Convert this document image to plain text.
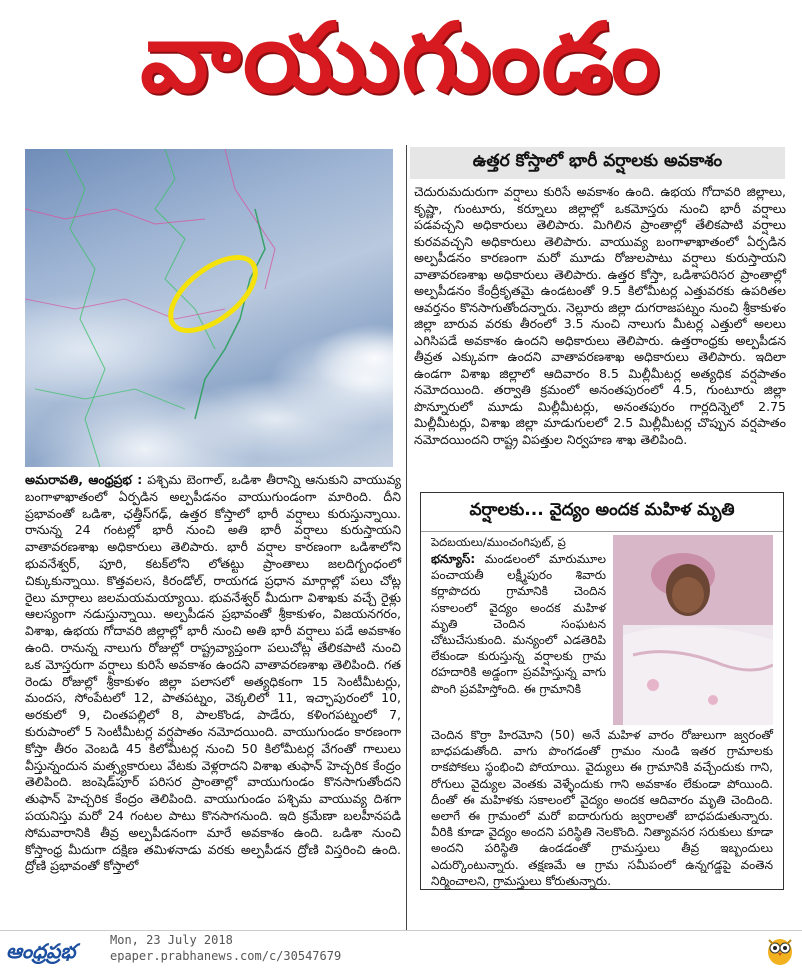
వాయుగుండం
ఉత్తర కోస్తాలో భారీ వర్షాలకు అవకాశం
చెదురుమదురుగా వర్షాలు కురిసే అవకాశం ఉంది. ఉభయ గోదావరి జిల్లాలు, కృష్ణా, గుంటూరు, కర్నూలు జిల్లాల్లో ఒకమోస్తరు నుంచి భారీ వర్షాలు పడవచ్చని అధికారులు తెలిపారు. మిగిలిన ప్రాంతాల్లో తేలికపాటి వర్షాలు కురవవచ్చని అధికారులు తెలిపారు. వాయువ్య బంగాళాఖాతంలో ఏర్పడిన అల్పపీడనం కారణంగా మరో మూడు రోజులపాటు వర్షాలు కురుస్తాయని వాతావరణశాఖ అధికారులు తెలిపారు. ఉత్తర కోస్తా, ఒడిశాపరిసర ప్రాంతాల్లో అల్పపీడనం కేంద్రీకృతమై ఉండటంతో 9.5 కిలోమీటర్ల ఎత్తువరకు ఉపరితల ఆవర్తనం కొనసాగుతోందన్నారు. నెల్లూరు జిల్లా దుగరాజపట్నం నుంచి శ్రీకాకుళం జిల్లా బారువ వరకు తీరంలో 3.5 నుంచి నాలుగు మీటర్ల ఎత్తులో అలలు ఎగిసిపడే అవకాశం ఉందని అధికారులు తెలిపారు. ఉత్తరాంధ్రకు అల్పపీడన తీవ్రత ఎక్కువగా ఉందని వాతావరణశాఖ అధికారులు తెలిపారు. ఇదిలా ఉండగా విశాఖ జిల్లాలో ఆదివారం 8.5 మిల్లీమీటర్ల అత్యధిక వర్షపాతం నమోదయింది. తర్వాతి క్రమంలో అనంతపురంలో 4.5, గుంటూరు జిల్లా పొన్నూరులో మూడు మిల్లీమీటర్లు, అనంతపురం గార్లదిన్నెలో 2.75 మిల్లీమీటర్లు, విశాఖ జిల్లా మాడుగులలో 2.5 మిల్లీమీటర్ల చొప్పున వర్షపాతం నమోదయిందని రాష్ట్ర విపత్తుల నిర్వహణ శాఖ తెలిపింది.
అమరావతి, ఆంధ్రప్రభ : పశ్చిమ బెంగాల్, ఒడిశా తీరాన్ని ఆనుకుని వాయువ్య బంగాళాఖాతంలో ఏర్పడిన అల్పపీడనం వాయుగుండంగా మారింది. దీని ప్రభావంతో ఒడిశా, ఛత్తీస్‌గఢ్, ఉత్తర కోస్తాలో భారీ వర్షాలు కురుస్తున్నాయి. రానున్న 24 గంటల్లో భారీ నుంచి అతి భారీ వర్షాలు కురుస్తాయని వాతావరణశాఖ అధికారులు తెలిపారు. భారీ వర్షాల కారణంగా ఒడిశాలోని భువనేశ్వర్, పూరి, కటక్‌లోని లోతట్టు ప్రాంతాలు జలదిగ్బంధంలో చిక్కుకున్నాయి. కొత్తవలస, కిరండోల్, రాయగడ ప్రధాన మార్గాల్లో పలు చోట్ల రైలు మార్గాలు జలమయమయ్యాయి. భువనేశ్వర్ మీదుగా విశాఖకు వచ్చే రైళ్లు ఆలస్యంగా నడుస్తున్నాయి. అల్పపీడన ప్రభావంతో శ్రీకాకుళం, విజయనగరం, విశాఖ, ఉభయ గోదావరి జిల్లాల్లో భారీ నుంచి అతి భారీ వర్షాలు పడే అవకాశం ఉంది. రానున్న నాలుగు రోజుల్లో రాష్ట్రవ్యాప్తంగా పలుచోట్ల తేలికపాటి నుంచి ఒక మోస్తరుగా వర్షాలు కురిసే అవకాశం ఉందని వాతావరణశాఖ తెలిపింది. గత రెండు రోజుల్లో శ్రీకాకుళం జిల్లా పలాసలో అత్యధికంగా 15 సెంటీమీటర్లు, మందస, సోంపేటలో 12, పాతపట్నం, వెక్కలిలో 11, ఇచ్ఛాపురంలో 10, అరకులో 9, చింతపల్లిలో 8, పాలకొండ, పాడేరు, కళింగపట్నంలో 7, కురుపాంలో 5 సెంటీమీటర్ల వర్షపాతం నమోదయింది. వాయుగుండం కారణంగా కోస్తా తీరం వెంబడి 45 కిలోమీటర్ల నుంచి 50 కిలోమీటర్ల వేగంతో గాలులు వీస్తున్నందున మత్స్యకారులు వేటకు వెళ్లరాదని విశాఖ తుఫాన్ హెచ్చరిక కేంద్రం తెలిపింది. జంషెడ్‌పూర్ పరిసర ప్రాంతాల్లో వాయుగుండం కొనసాగుతోందని తుఫాన్ హెచ్చరిక కేంద్రం తెలిపింది. వాయుగుండం పశ్చిమ వాయువ్య దిశగా పయనిస్తు మరో 24 గంటల పాటు కొనసాగనుంది. ఇది క్రమేణా బలహీనపడి సోమవారానికి తీవ్ర అల్పపీడనంగా మారే అవకాశం ఉంది. ఒడిశా నుంచి కోస్తాంధ్ర మీదుగా దక్షిణ తమిళనాడు వరకు అల్పపీడన ద్రోణి విస్తరించి ఉంది. ద్రోణి ప్రభావంతో కోస్తాలో
వర్షాలకు... వైద్యం అందక మహిళ మృతి
పెదబయలు/ముంచంగిపుట్, ప్ర
భన్యూస్: మండలంలో మారుమూల పంచాయతీ లక్ష్మీపురం శివారు కర్లాపొదరు గ్రామానికి చెందిన సకాలంలో వైద్యం అందక మహిళ మృతి చెందిన సంఘటన చోటుచేసుకుంది. మన్యంలో ఎడతెరిపి లేకుండా కురుస్తున్న వర్షాలకు గ్రామ రహదారికి అడ్డంగా ప్రవహిస్తున్న వాగు పొంగి ప్రవహిస్తోంది. ఈ గ్రామానికి
చెందిన కొర్రా హిరమోని (50) అనే మహిళ వారం రోజులుగా జ్వరంతో బాధపడుతోంది. వాగు పొంగడంతో గ్రామం నుండి ఇతర గ్రామాలకు రాకపోకలు స్థంభించి పోయాయి. వైద్యులు ఈ గ్రామానికి వచ్చేందుకు గాని, రోగులు వైద్యుల వెంతకు వెళ్ళేందుకు గాని అవకాశం లేకుండా పోయింది. దీంతో ఈ మహిళకు సకాలంలో వైద్యం అందక ఆదివారం మృతి చెందింది. అలాగే ఈ గ్రామంలో మరో ఐదారుగురు జ్వరాలతో బాధపడుతున్నారు. వీరికి కూడా వైద్యం అందని పరిస్థితి నెలకొంది. నిత్యావసర సరుకులు కూడా అందని పరిస్థితి ఉండడంతో గ్రామస్తులు తీవ్ర ఇబ్బందులు ఎదుర్కొంటున్నారు. తక్షణమే ఆ గ్రామ సమీపంలో ఉన్నగడ్డపై వంతెన నిర్మించాలని, గ్రామస్తులు కోరుతున్నారు.
ఆంధ్రప్రభ	Mon, 23 July 2018
epaper.prabhanews.com/c/30547679
